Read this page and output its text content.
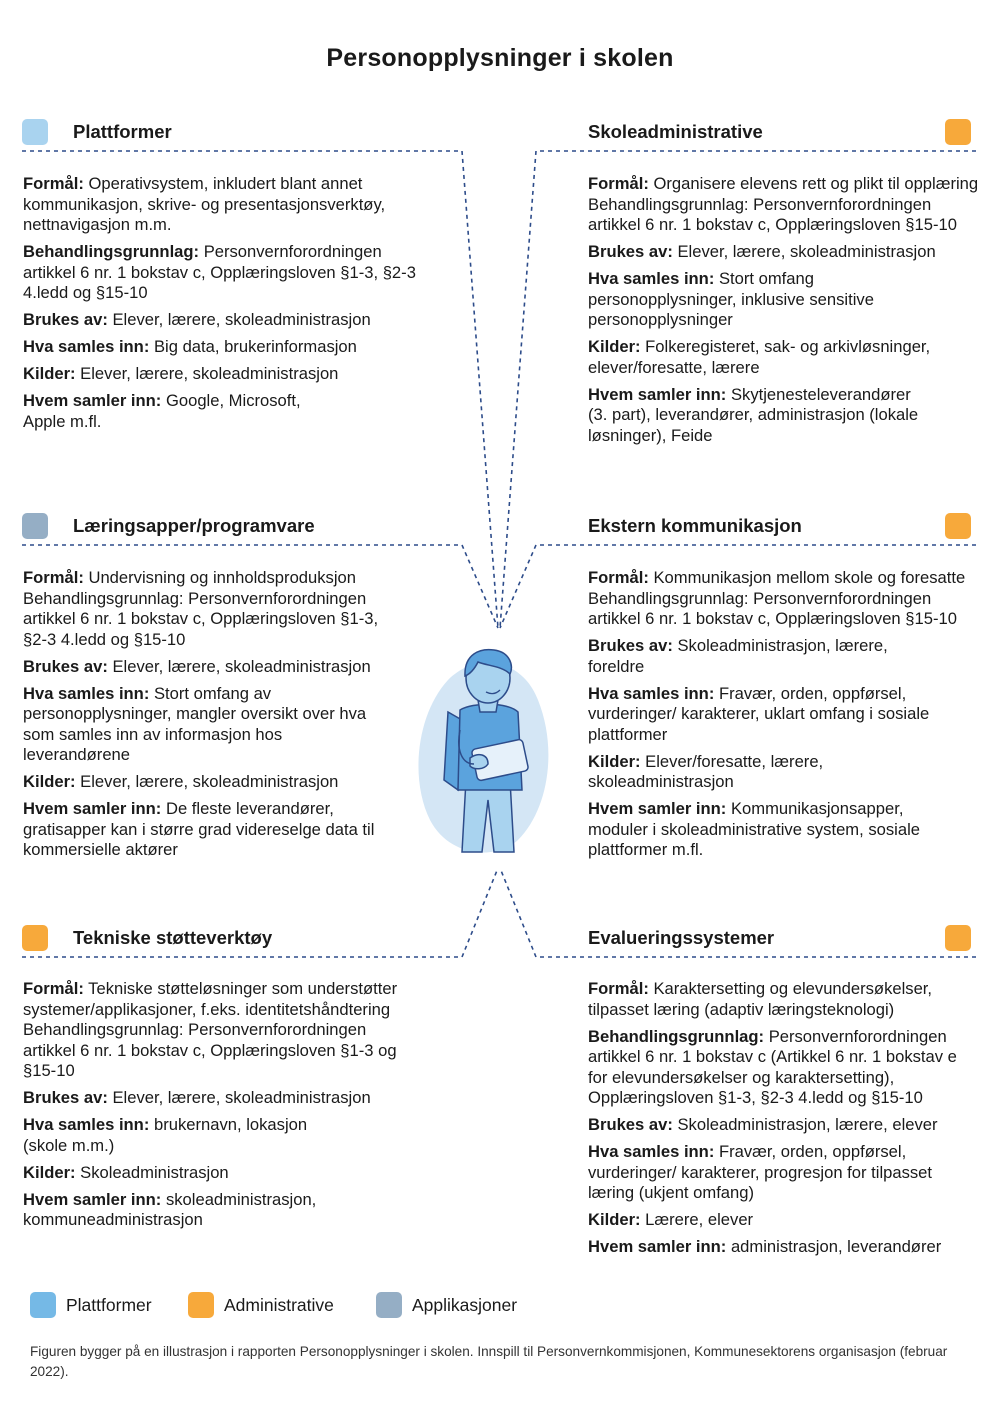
Personopplysninger i skolen
Plattformer

Formål: Operativsystem, inkludert blant annet kommunikasjon, skrive- og presentasjonsverktøy, nettnavigasjon m.m.

Behandlingsgrunnlag: Personvernforordningen artikkel 6 nr. 1 bokstav c, Opplæringsloven §1-3, §2-3 4.ledd og §15-10

Brukes av: Elever, lærere, skoleadministrasjon

Hva samles inn: Big data, brukerinformasjon

Kilder: Elever, lærere, skoleadministrasjon

Hvem samler inn: Google, Microsoft, Apple m.fl.

Skoleadministrative

Formål: Organisere elevens rett og plikt til opplæring Behandlingsgrunnlag: Personvernforordningen artikkel 6 nr. 1 bokstav c, Opplæringsloven §15-10

Brukes av: Elever, lærere, skoleadministrasjon

Hva samles inn: Stort omfang personopplysninger, inklusive sensitive personopplysninger

Kilder: Folkeregisteret, sak- og arkivløsninger, elever/foresatte, lærere

Hvem samler inn: Skytjenesteleverandører (3. part), leverandører, administrasjon (lokale løsninger), Feide

Læringsapper/programvare

Formål: Undervisning og innholdsproduksjon Behandlingsgrunnlag: Personvernforordningen artikkel 6 nr. 1 bokstav c, Opplæringsloven §1-3, §2-3 4.ledd og §15-10

Brukes av: Elever, lærere, skoleadministrasjon

Hva samles inn: Stort omfang av personopplysninger, mangler oversikt over hva som samles inn av informasjon hos leverandørene

Kilder: Elever, lærere, skoleadministrasjon

Hvem samler inn: De fleste leverandører, gratisapper kan i større grad videreselge data til kommersielle aktører

Ekstern kommunikasjon

Formål: Kommunikasjon mellom skole og foresatte Behandlingsgrunnlag: Personvernforordningen artikkel 6 nr. 1 bokstav c, Opplæringsloven §15-10

Brukes av: Skoleadministrasjon, lærere, foreldre

Hva samles inn: Fravær, orden, oppførsel, vurderinger/ karakterer, uklart omfang i sosiale plattformer

Kilder: Elever/foresatte, lærere, skoleadministrasjon

Hvem samler inn: Kommunikasjonsapper, moduler i skoleadministrative system, sosiale plattformer m.fl.

Tekniske støtteverktøy

Formål: Tekniske støtteløsninger som understøtter systemer/applikasjoner, f.eks. identitetshåndtering Behandlingsgrunnlag: Personvernforordningen artikkel 6 nr. 1 bokstav c, Opplæringsloven §1-3 og §15-10

Brukes av: Elever, lærere, skoleadministrasjon

Hva samles inn: brukernavn, lokasjon (skole m.m.)

Kilder: Skoleadministrasjon

Hvem samler inn: skoleadministrasjon, kommuneadministrasjon

Evalueringssystemer

Formål: Karaktersetting og elevundersøkelser, tilpasset læring (adaptiv læringsteknologi)

Behandlingsgrunnlag: Personvernforordningen artikkel 6 nr. 1 bokstav c (Artikkel 6 nr. 1 bokstav e for elevundersøkelser og karaktersetting), Opplæringsloven §1-3, §2-3 4.ledd og §15-10

Brukes av: Skoleadministrasjon, lærere, elever

Hva samles inn: Fravær, orden, oppførsel, vurderinger/ karakterer, progresjon for tilpasset læring (ukjent omfang)

Kilder: Lærere, elever

Hvem samler inn: administrasjon, leverandører

Plattformer	Administrative	Applikasjoner
Figuren bygger på en illustrasjon i rapporten Personopplysninger i skolen. Innspill til Personvernkommisjonen, Kommunesektorens organisasjon (februar 2022).
